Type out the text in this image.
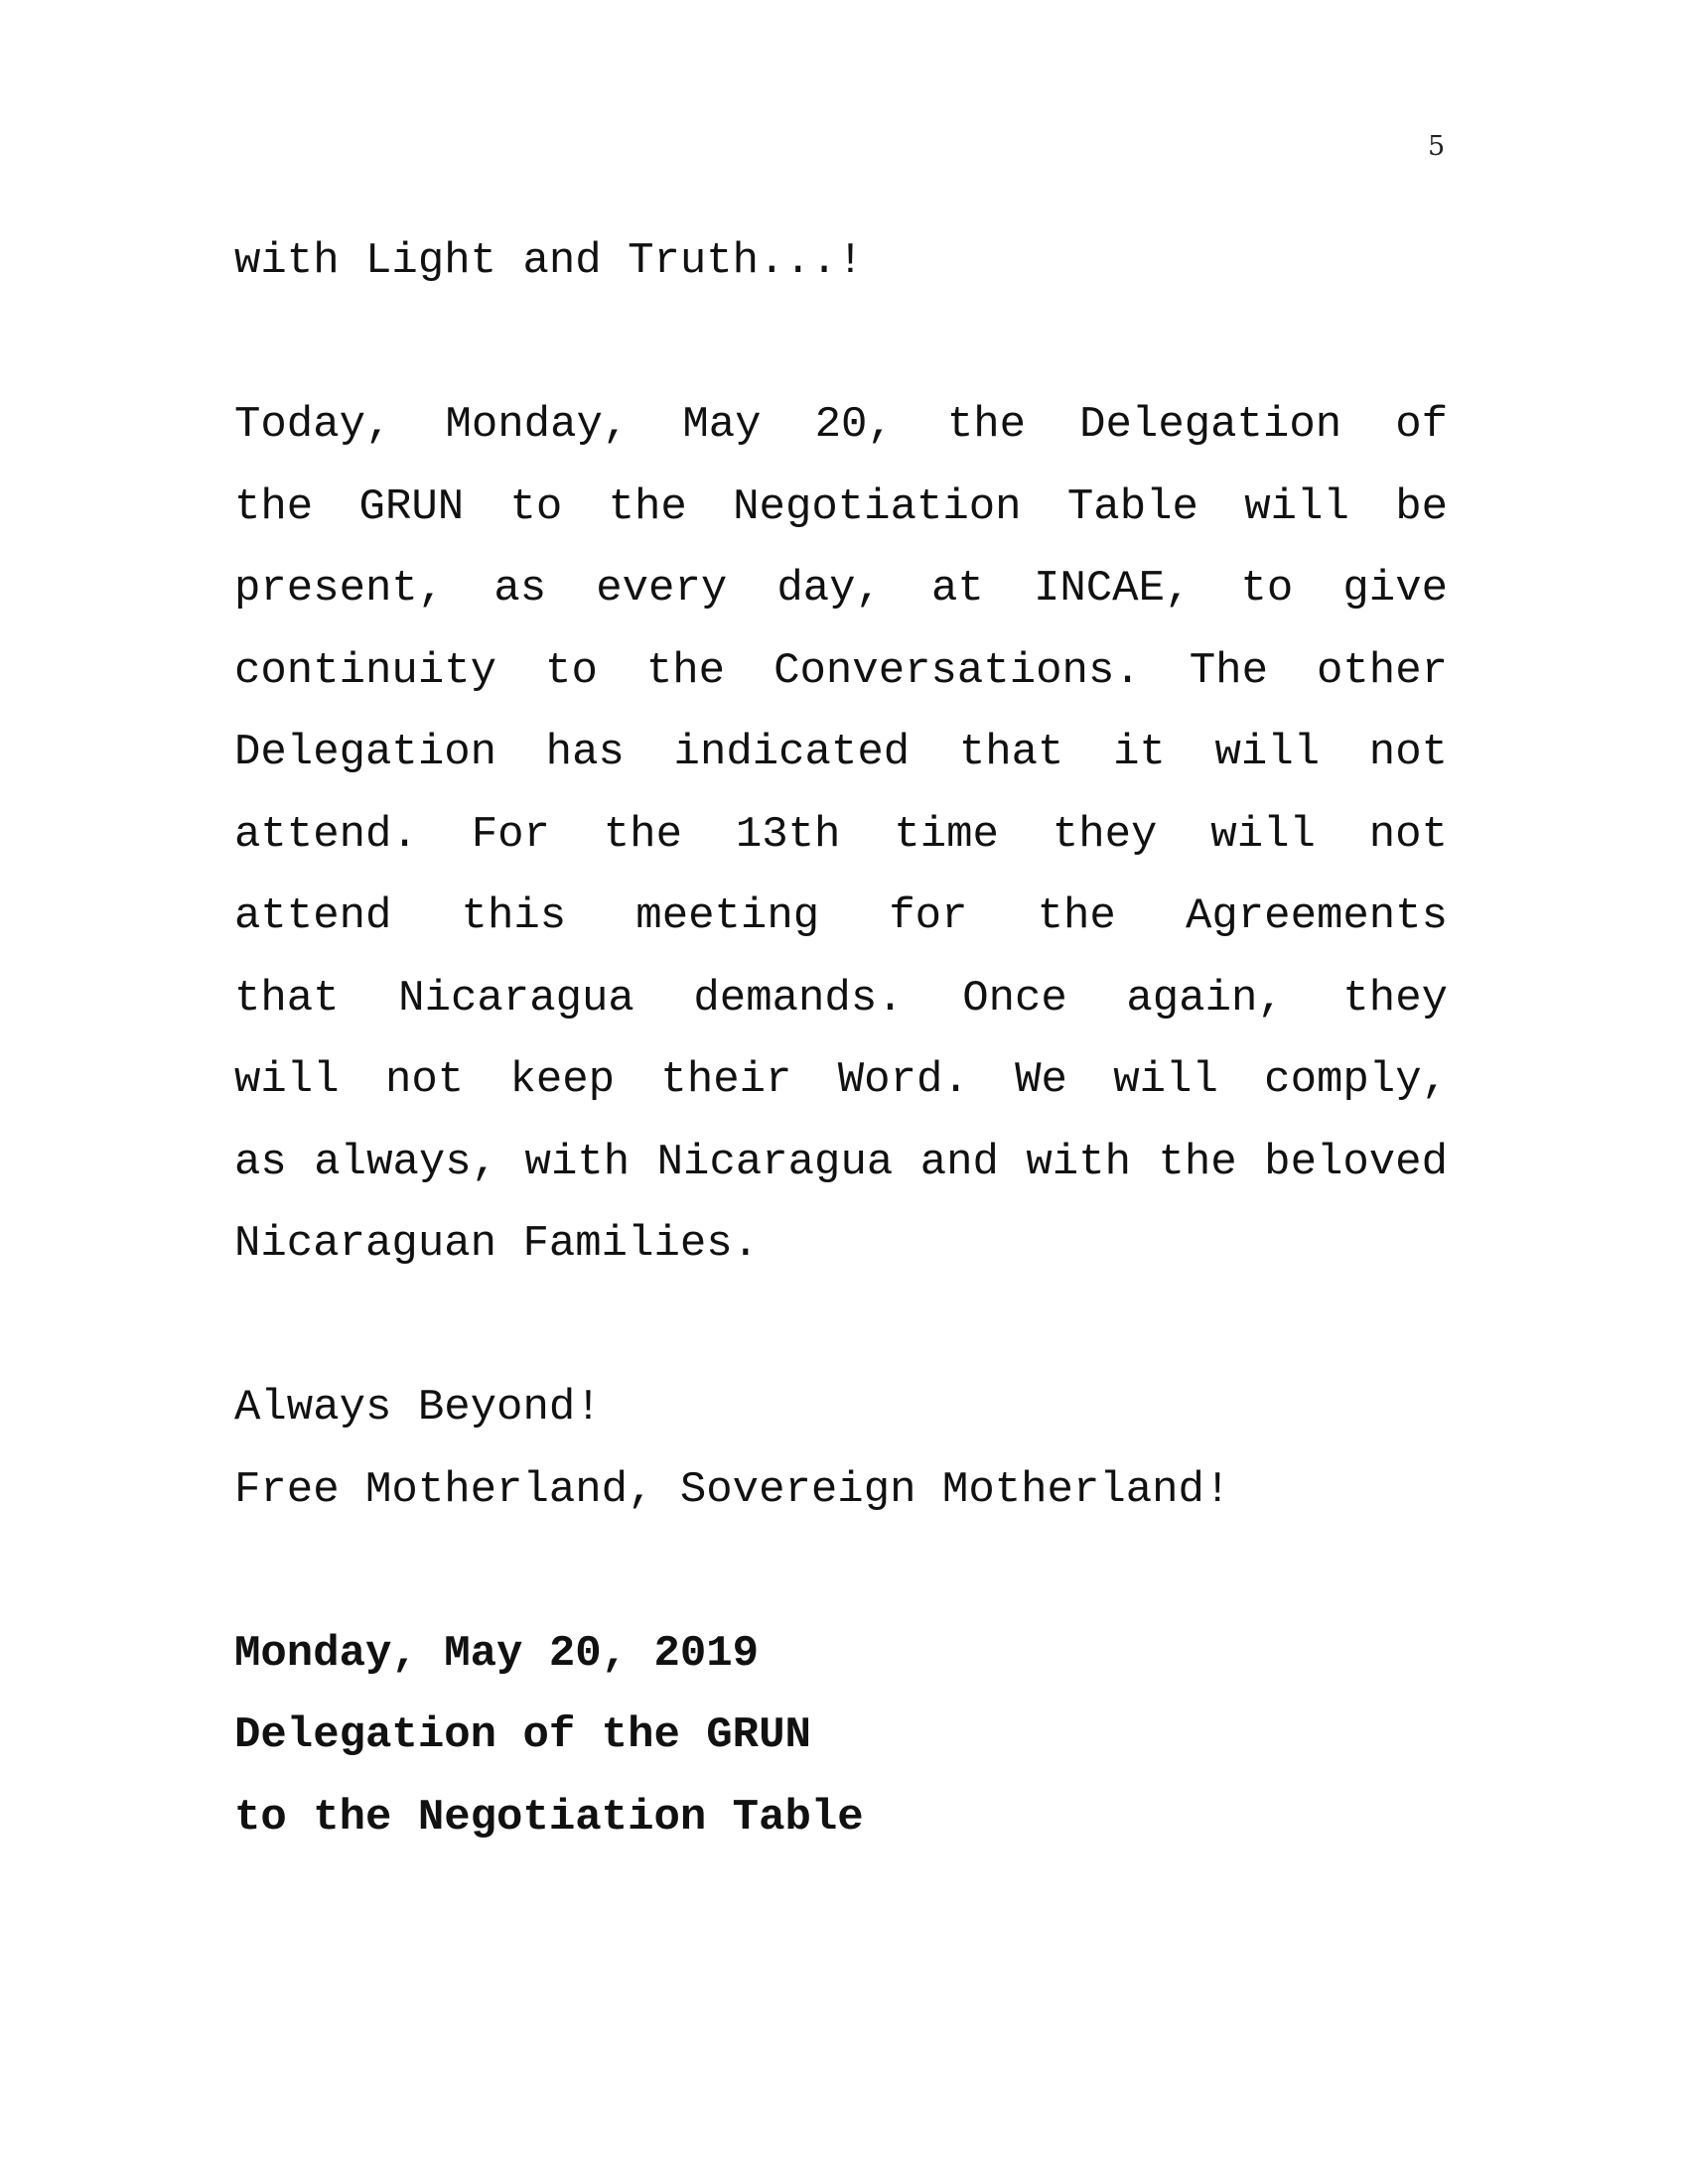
5
with Light and Truth...!
Today, Monday, May 20, the Delegation of
the GRUN to the Negotiation Table will be
present, as every day, at INCAE, to give
continuity to the Conversations. The other
Delegation has indicated that it will not
attend. For the 13th time they will not
attend this meeting for the Agreements
that Nicaragua demands. Once again, they
will not keep their Word. We will comply,
as always, with Nicaragua and with the beloved
Nicaraguan Families.
Always Beyond!
Free Motherland, Sovereign Motherland!
Monday, May 20, 2019
Delegation of the GRUN
to the Negotiation Table
